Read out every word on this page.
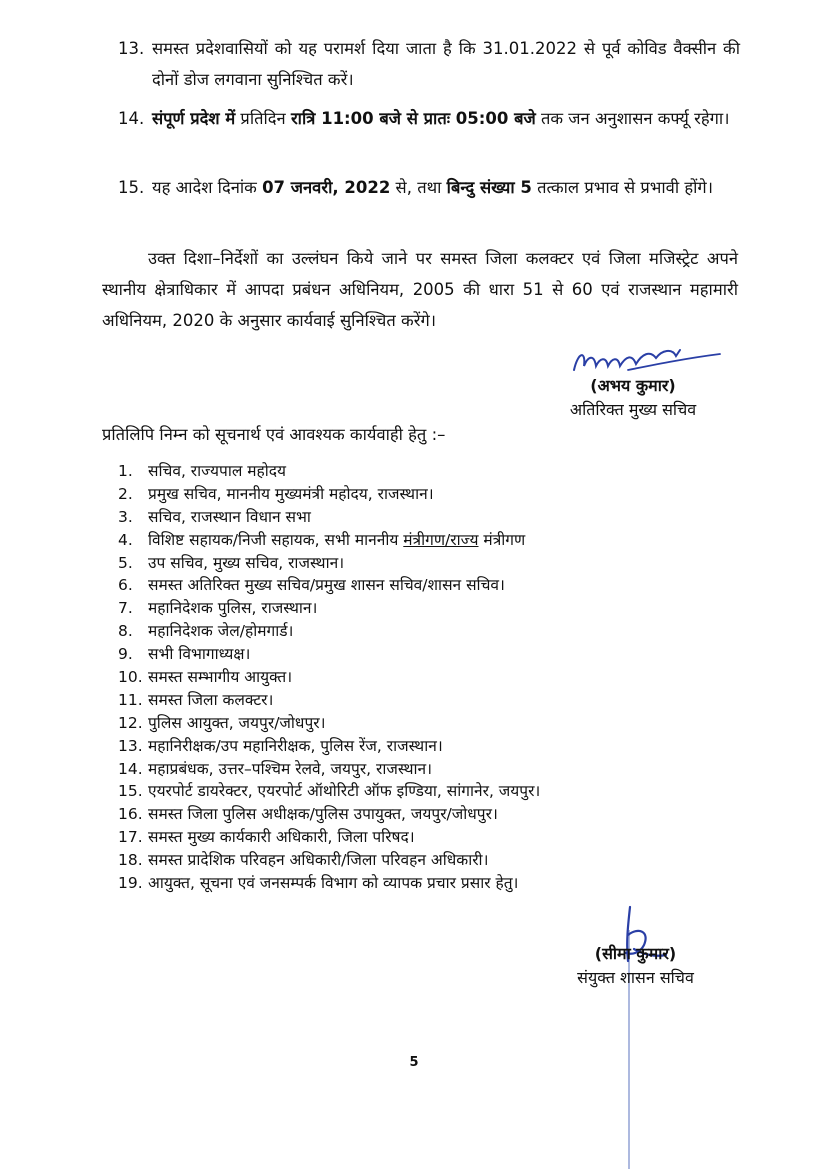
13. समस्त प्रदेशवासियों को यह परामर्श दिया जाता है कि 31.01.2022 से पूर्व कोविड वैक्सीन की दोनों डोज लगवाना सुनिश्चित करें।
14. संपूर्ण प्रदेश में प्रतिदिन रात्रि 11:00 बजे से प्रातः 05:00 बजे तक जन अनुशासन कर्फ्यू रहेगा।
15. यह आदेश दिनांक 07 जनवरी, 2022 से, तथा बिन्दु संख्या 5 तत्काल प्रभाव से प्रभावी होंगे।
उक्त दिशा–निर्देशों का उल्लंघन किये जाने पर समस्त जिला कलक्टर एवं जिला मजिस्ट्रेट अपने स्थानीय क्षेत्राधिकार में आपदा प्रबंधन अधिनियम, 2005 की धारा 51 से 60 एवं राजस्थान महामारी अधिनियम, 2020 के अनुसार कार्यवाई सुनिश्चित करेंगे।
(अभय कुमार)
अतिरिक्त मुख्य सचिव
प्रतिलिपि निम्न को सूचनार्थ एवं आवश्यक कार्यवाही हेतु :–
1. सचिव, राज्यपाल महोदय
2. प्रमुख सचिव, माननीय मुख्यमंत्री महोदय, राजस्थान।
3. सचिव, राजस्थान विधान सभा
4. विशिष्ट सहायक/निजी सहायक, सभी माननीय मंत्रीगण/राज्य मंत्रीगण
5. उप सचिव, मुख्य सचिव, राजस्थान।
6. समस्त अतिरिक्त मुख्य सचिव/प्रमुख शासन सचिव/शासन सचिव।
7. महानिदेशक पुलिस, राजस्थान।
8. महानिदेशक जेल/होमगार्ड।
9. सभी विभागाध्यक्ष।
10. समस्त सम्भागीय आयुक्त।
11. समस्त जिला कलक्टर।
12. पुलिस आयुक्त, जयपुर/जोधपुर।
13. महानिरीक्षक/उप महानिरीक्षक, पुलिस रेंज, राजस्थान।
14. महाप्रबंधक, उत्तर–पश्चिम रेलवे, जयपुर, राजस्थान।
15. एयरपोर्ट डायरेक्टर, एयरपोर्ट ऑथोरिटी ऑफ इण्डिया, सांगानेर, जयपुर।
16. समस्त जिला पुलिस अधीक्षक/पुलिस उपायुक्त, जयपुर/जोधपुर।
17. समस्त मुख्य कार्यकारी अधिकारी, जिला परिषद।
18. समस्त प्रादेशिक परिवहन अधिकारी/जिला परिवहन अधिकारी।
19. आयुक्त, सूचना एवं जनसम्पर्क विभाग को व्यापक प्रचार प्रसार हेतु।
(सीमा कुमार)
संयुक्त शासन सचिव
5
